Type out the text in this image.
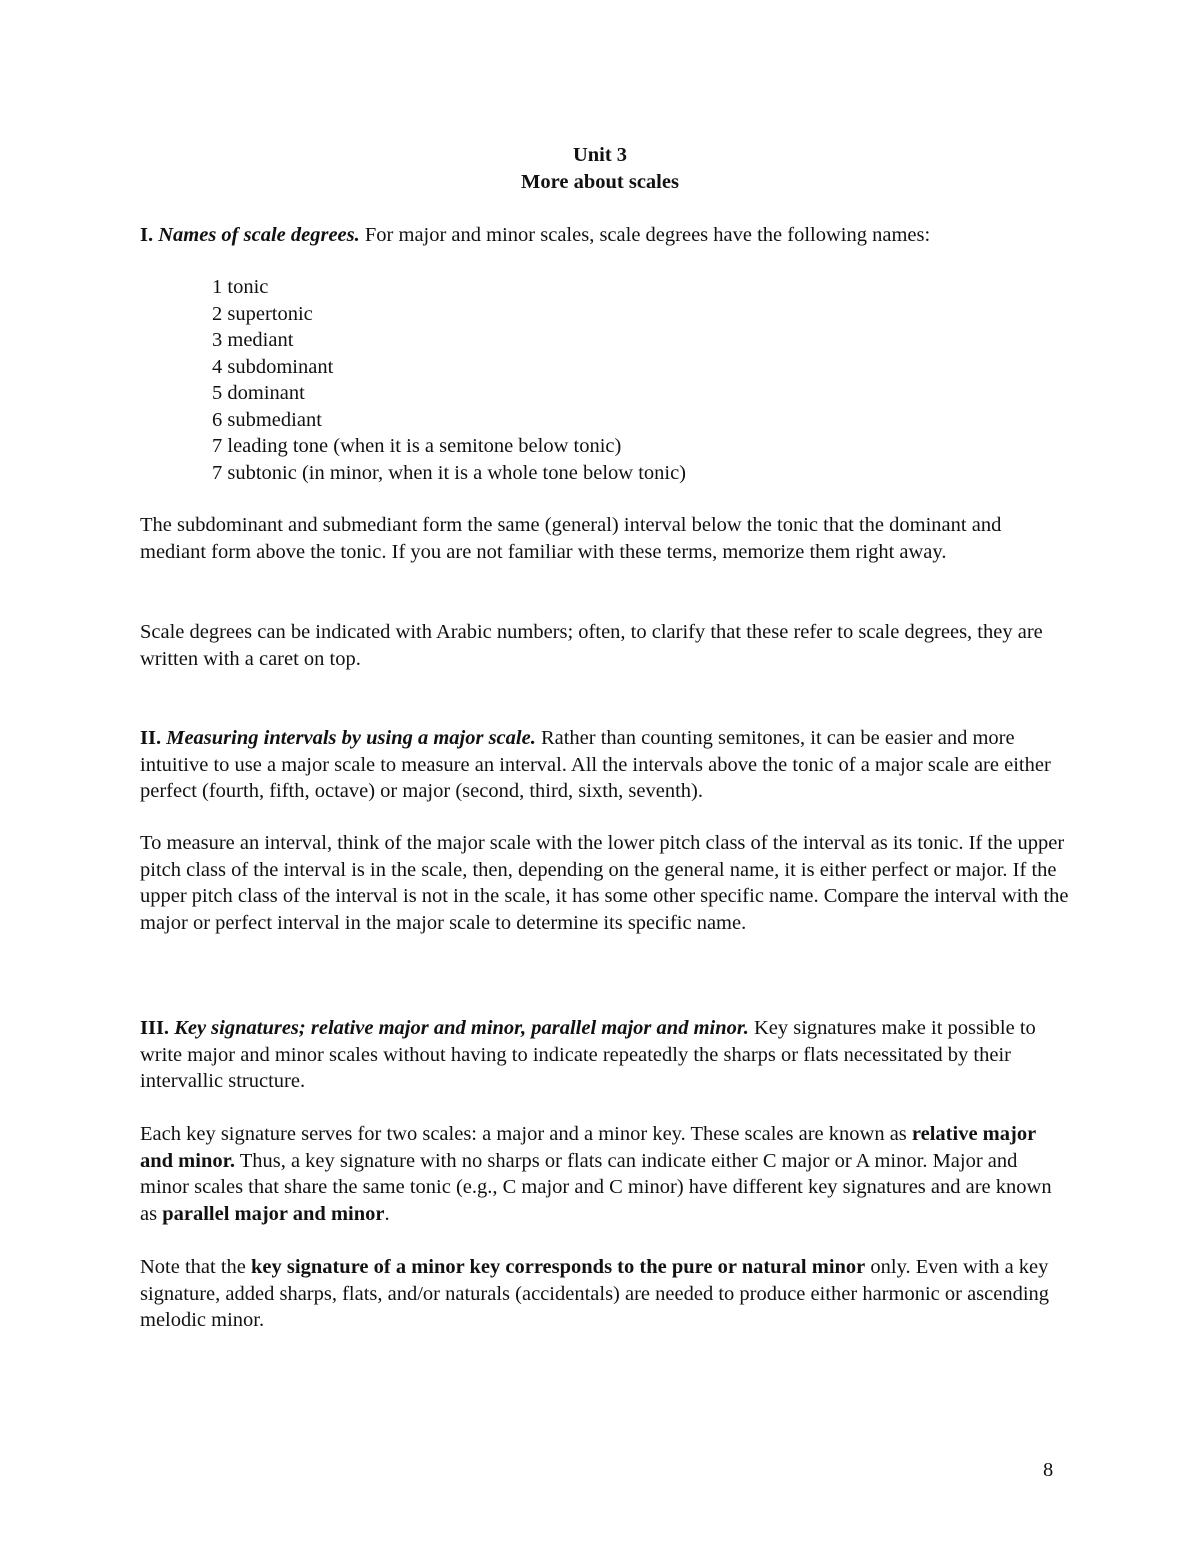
Unit 3
More about scales

I. Names of scale degrees. For major and minor scales, scale degrees have the following names:

1 tonic
2 supertonic
3 mediant
4 subdominant
5 dominant
6 submediant
7 leading tone (when it is a semitone below tonic)
7 subtonic (in minor, when it is a whole tone below tonic)

The subdominant and submediant form the same (general) interval below the tonic that the dominant and mediant form above the tonic. If you are not familiar with these terms, memorize them right away.

Scale degrees can be indicated with Arabic numbers; often, to clarify that these refer to scale degrees, they are written with a caret on top.

II. Measuring intervals by using a major scale. Rather than counting semitones, it can be easier and more intuitive to use a major scale to measure an interval. All the intervals above the tonic of a major scale are either perfect (fourth, fifth, octave) or major (second, third, sixth, seventh).

To measure an interval, think of the major scale with the lower pitch class of the interval as its tonic. If the upper pitch class of the interval is in the scale, then, depending on the general name, it is either perfect or major. If the upper pitch class of the interval is not in the scale, it has some other specific name. Compare the interval with the major or perfect interval in the major scale to determine its specific name.

III. Key signatures; relative major and minor, parallel major and minor. Key signatures make it possible to write major and minor scales without having to indicate repeatedly the sharps or flats necessitated by their intervallic structure.

Each key signature serves for two scales: a major and a minor key. These scales are known as relative major and minor. Thus, a key signature with no sharps or flats can indicate either C major or A minor. Major and minor scales that share the same tonic (e.g., C major and C minor) have different key signatures and are known as parallel major and minor.

Note that the key signature of a minor key corresponds to the pure or natural minor only. Even with a key signature, added sharps, flats, and/or naturals (accidentals) are needed to produce either harmonic or ascending melodic minor.

8
